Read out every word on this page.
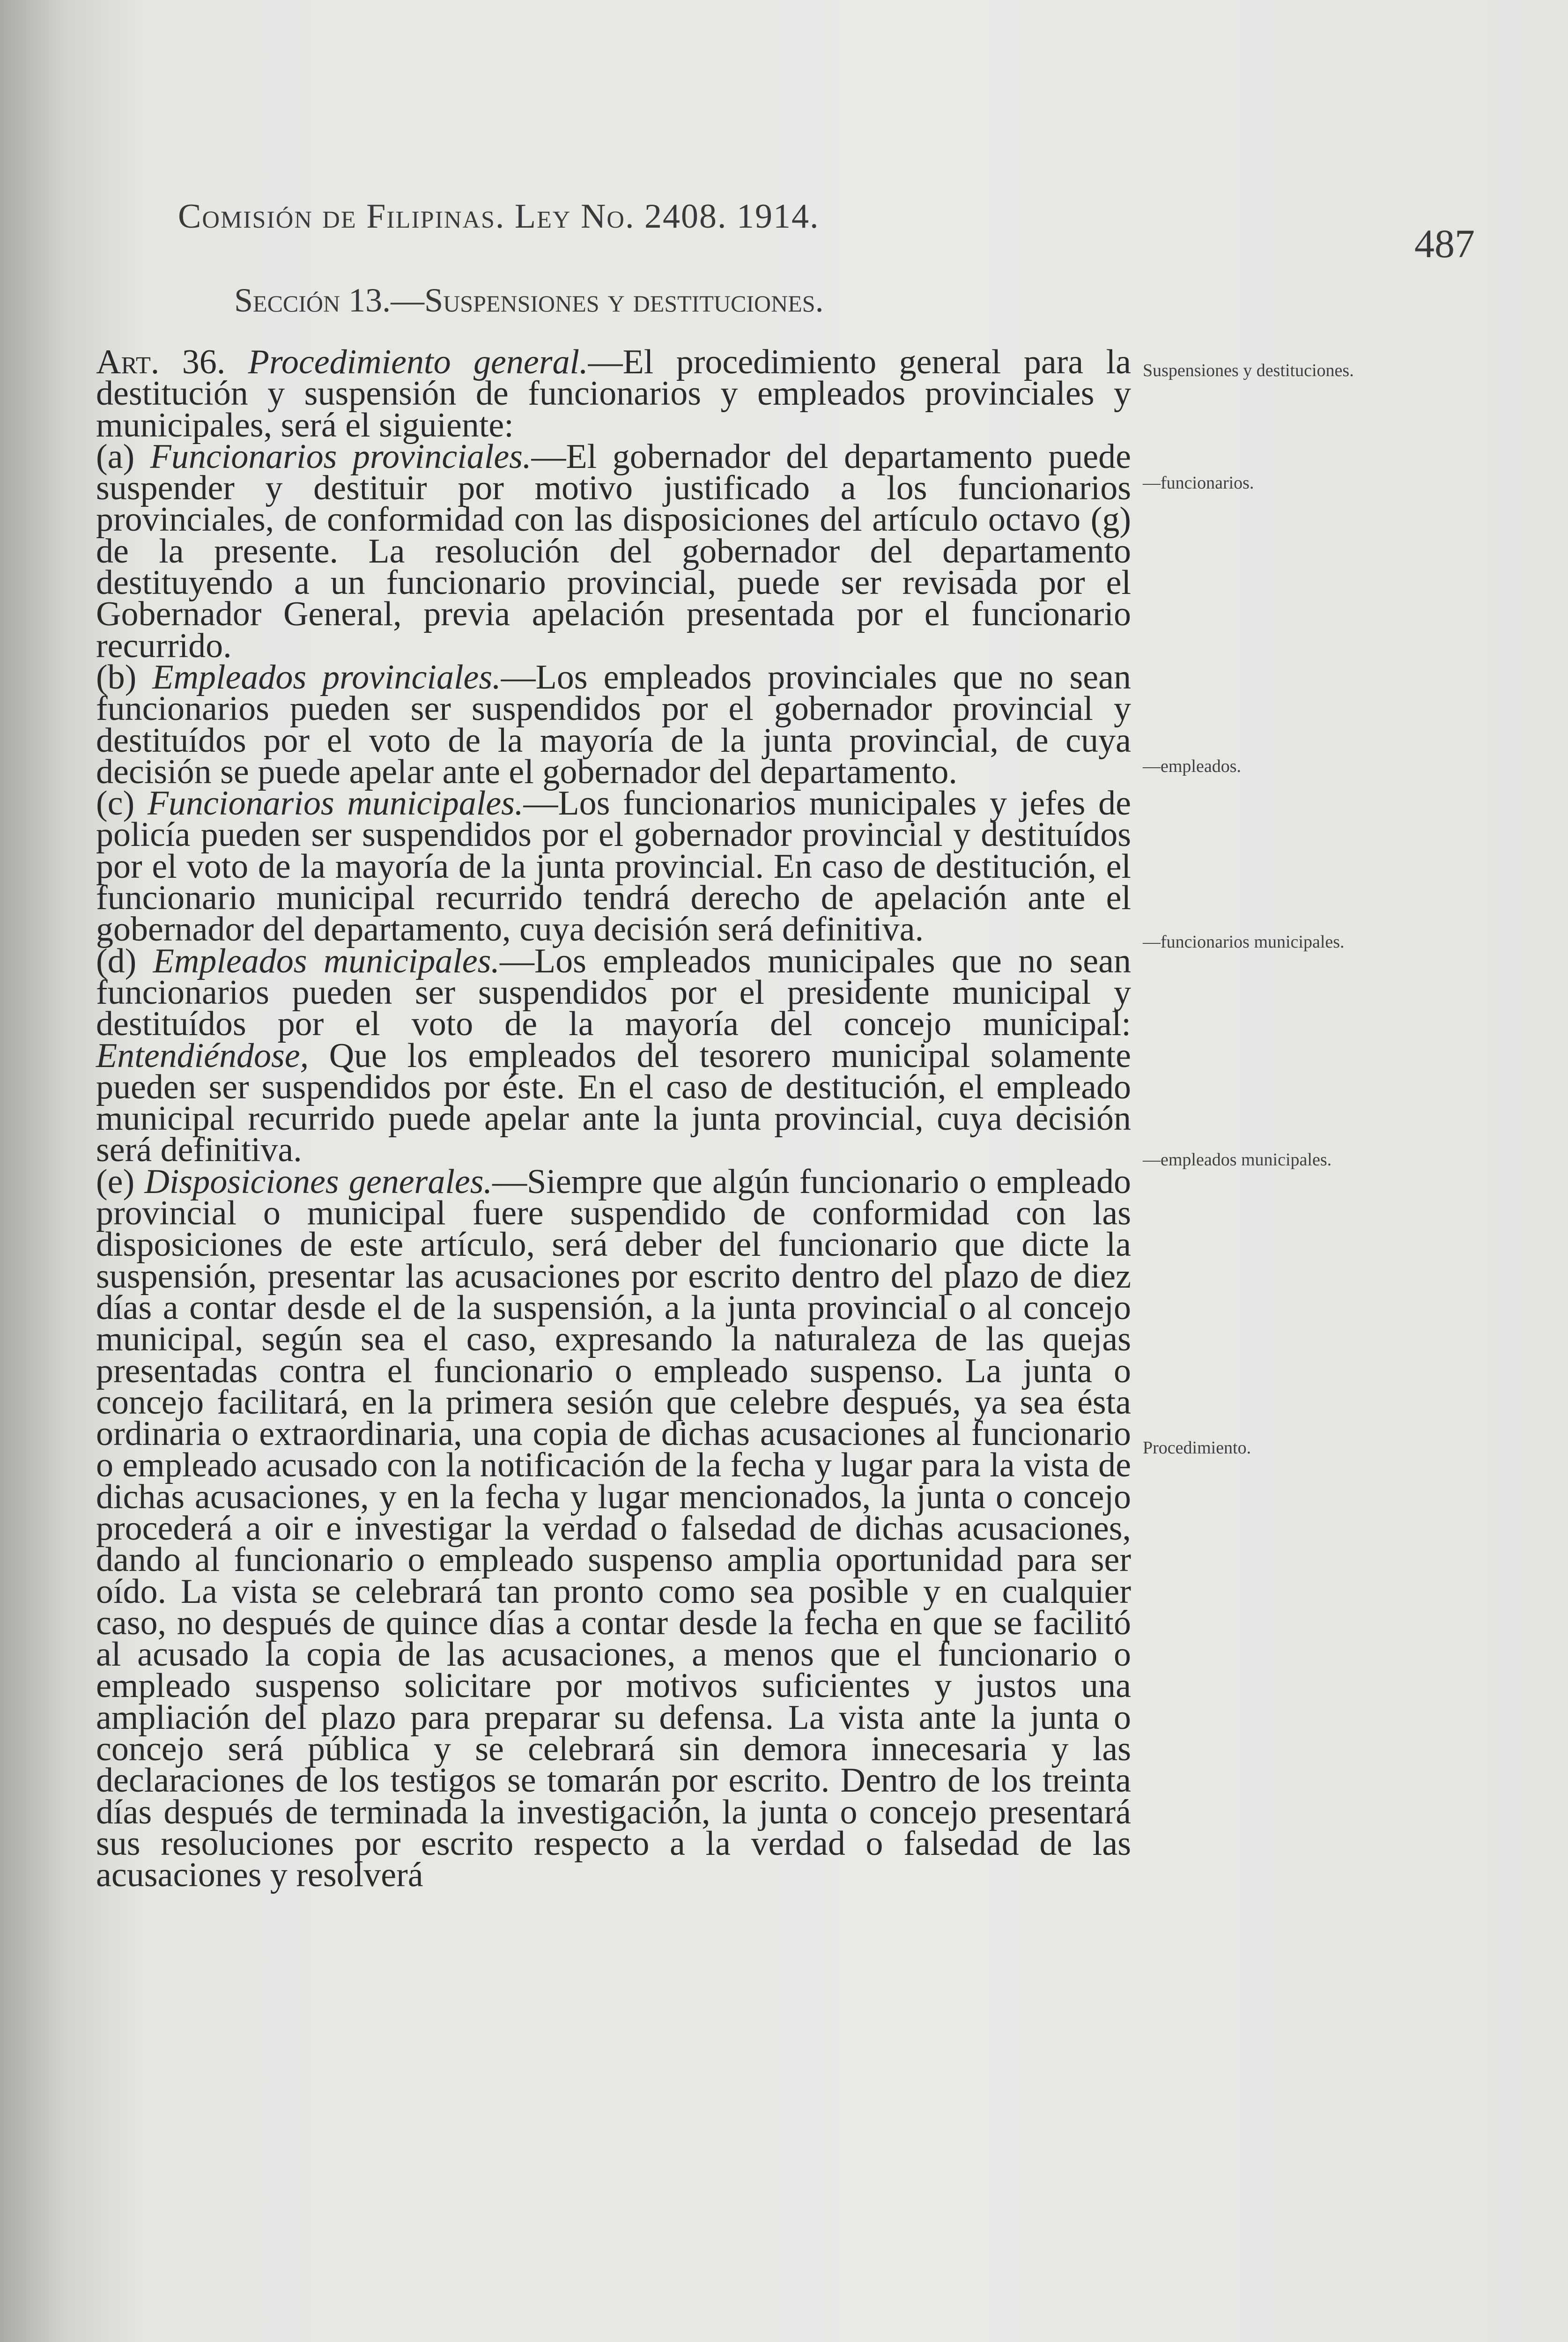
Comisión de Filipinas. Ley No. 2408. 1914.
487
Sección 13.—Suspensiones y destituciones.

Art. 36. Procedimiento general.—El procedimiento general para la destitución y suspensión de funcionarios y empleados provinciales y municipales, será el siguiente:

(a) Funcionarios provinciales.—El gobernador del departamento puede suspender y destituir por motivo justificado a los funcionarios provinciales, de conformidad con las disposiciones del artículo octavo (g) de la presente. La resolución del gobernador del departamento destituyendo a un funcionario provincial, puede ser revisada por el Gobernador General, previa apelación presentada por el funcionario recurrido.

(b) Empleados provinciales.—Los empleados provinciales que no sean funcionarios pueden ser suspendidos por el gobernador provincial y destituídos por el voto de la mayoría de la junta provincial, de cuya decisión se puede apelar ante el gobernador del departamento.

(c) Funcionarios municipales.—Los funcionarios municipales y jefes de policía pueden ser suspendidos por el gobernador provincial y destituídos por el voto de la mayoría de la junta provincial. En caso de destitución, el funcionario municipal recurrido tendrá derecho de apelación ante el gobernador del departamento, cuya decisión será definitiva.

(d) Empleados municipales.—Los empleados municipales que no sean funcionarios pueden ser suspendidos por el presidente municipal y destituídos por el voto de la mayoría del concejo municipal: Entendiéndose, Que los empleados del tesorero municipal solamente pueden ser suspendidos por éste. En el caso de destitución, el empleado municipal recurrido puede apelar ante la junta provincial, cuya decisión será definitiva.

(e) Disposiciones generales.—Siempre que algún funcionario o empleado provincial o municipal fuere suspendido de conformidad con las disposiciones de este artículo, será deber del funcionario que dicte la suspensión, presentar las acusaciones por escrito dentro del plazo de diez días a contar desde el de la suspensión, a la junta provincial o al concejo municipal, según sea el caso, expresando la naturaleza de las quejas presentadas contra el funcionario o empleado suspenso. La junta o concejo facilitará, en la primera sesión que celebre después, ya sea ésta ordinaria o extraordinaria, una copia de dichas acusaciones al funcionario o empleado acusado con la notificación de la fecha y lugar para la vista de dichas acusaciones, y en la fecha y lugar mencionados, la junta o concejo procederá a oir e investigar la verdad o falsedad de dichas acusaciones, dando al funcionario o empleado suspenso amplia oportunidad para ser oído. La vista se celebrará tan pronto como sea posible y en cualquier caso, no después de quince días a contar desde la fecha en que se facilitó al acusado la copia de las acusaciones, a menos que el funcionario o empleado suspenso solicitare por motivos suficientes y justos una ampliación del plazo para preparar su defensa. La vista ante la junta o concejo será pública y se celebrará sin demora innecesaria y las declaraciones de los testigos se tomarán por escrito. Dentro de los treinta días después de terminada la investigación, la junta o concejo presentará sus resoluciones por escrito respecto a la verdad o falsedad de las acusaciones y resolverá

Suspensiones y destituciones.
—funcionarios.
—empleados.
—funcionarios municipales.
—empleados municipales.
Procedimiento.
